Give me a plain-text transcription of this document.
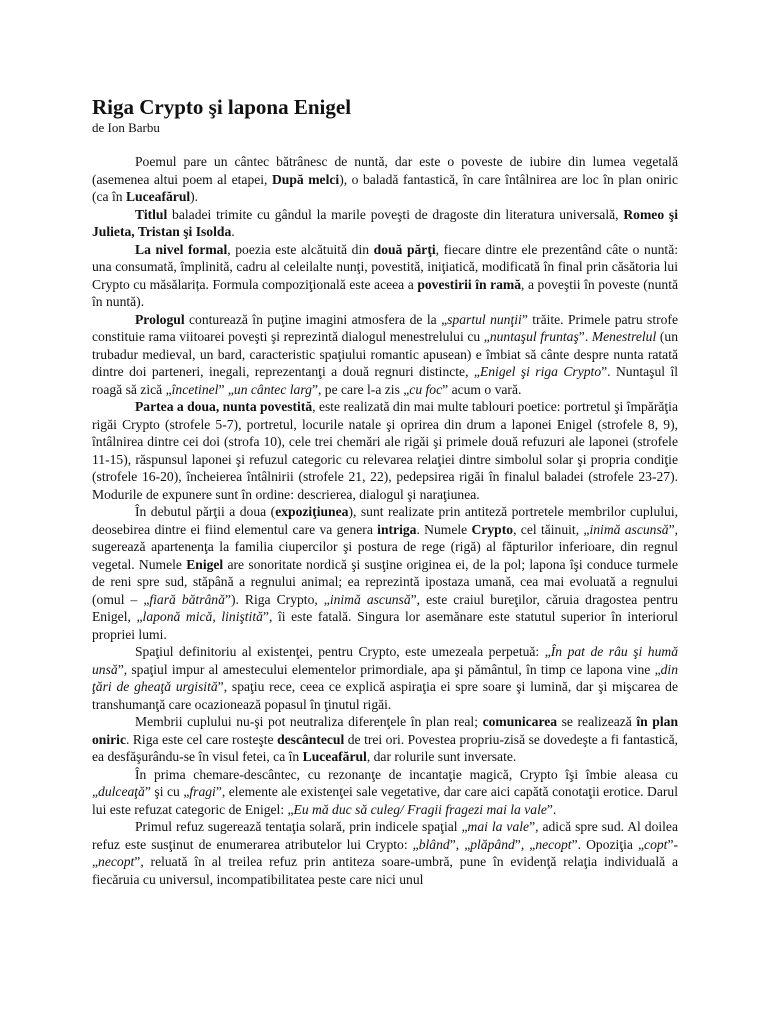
Riga Crypto şi lapona Enigel
de Ion Barbu

Poemul pare un cântec bătrânesc de nuntă, dar este o poveste de iubire din lumea vegetală (asemenea altui poem al etapei, După melci), o baladă fantastică, în care întâlnirea are loc în plan oniric (ca în Luceafărul).

Titlul baladei trimite cu gândul la marile poveşti de dragoste din literatura universală, Romeo şi Julieta, Tristan şi Isolda.

La nivel formal, poezia este alcătuită din două părţi, fiecare dintre ele prezentând câte o nuntă: una consumată, împlinită, cadru al celeilalte nunţi, povestită, iniţiatică, modificată în final prin căsătoria lui Crypto cu măsălarița. Formula compoziţională este aceea a povestirii în ramă, a poveştii în poveste (nuntă în nuntă).

Prologul conturează în puţine imagini atmosfera de la „spartul nunţii” trăite. Primele patru strofe constituie rama viitoarei poveşti şi reprezintă dialogul menestrelului cu „nuntaşul fruntaş”. Menestrelul (un trubadur medieval, un bard, caracteristic spaţiului romantic apusean) e îmbiat să cânte despre nunta ratată dintre doi parteneri, inegali, reprezentanţi a două regnuri distincte, „Enigel şi riga Crypto”. Nuntaşul îl roagă să zică „încetinel” „un cântec larg”, pe care l-a zis „cu foc” acum o vară.

Partea a doua, nunta povestită, este realizată din mai multe tablouri poetice: portretul şi împărăţia rigăi Crypto (strofele 5-7), portretul, locurile natale şi oprirea din drum a laponei Enigel (strofele 8, 9), întâlnirea dintre cei doi (strofa 10), cele trei chemări ale rigăi şi primele două refuzuri ale laponei (strofele 11-15), răspunsul laponei şi refuzul categoric cu relevarea relaţiei dintre simbolul solar şi propria condiţie (strofele 16-20), încheierea întâlnirii (strofele 21, 22), pedepsirea rigăi în finalul baladei (strofele 23-27). Modurile de expunere sunt în ordine: descrierea, dialogul şi naraţiunea.

În debutul părţii a doua (expoziţiunea), sunt realizate prin antiteză portretele membrilor cuplului, deosebirea dintre ei fiind elementul care va genera intriga. Numele Crypto, cel tăinuit, „inimă ascunsă”, sugerează apartenenţa la familia ciupercilor şi postura de rege (rigă) al făpturilor inferioare, din regnul vegetal. Numele Enigel are sonoritate nordică şi susţine originea ei, de la pol; lapona îşi conduce turmele de reni spre sud, stăpână a regnului animal; ea reprezintă ipostaza umană, cea mai evoluată a regnului (omul – „fiară bătrână”). Riga Crypto, „inimă ascunsă”, este craiul bureţilor, căruia dragostea pentru Enigel, „laponă mică, liniştită”, îi este fatală. Singura lor asemănare este statutul superior în interiorul propriei lumi.

Spaţiul definitoriu al existenţei, pentru Crypto, este umezeala perpetuă: „În pat de râu şi humă unsă”, spaţiul impur al amestecului elementelor primordiale, apa şi pământul, în timp ce lapona vine „din ţări de gheaţă urgisită”, spaţiu rece, ceea ce explică aspiraţia ei spre soare şi lumină, dar şi mişcarea de transhumanţă care ocazionează popasul în ţinutul rigăi.

Membrii cuplului nu-şi pot neutraliza diferenţele în plan real; comunicarea se realizează în plan oniric. Riga este cel care rosteşte descântecul de trei ori. Povestea propriu-zisă se dovedeşte a fi fantastică, ea desfăşurându-se în visul fetei, ca în Luceafărul, dar rolurile sunt inversate.

În prima chemare-descântec, cu rezonanţe de incantaţie magică, Crypto îşi îmbie aleasa cu „dulceaţă” şi cu „fragi”, elemente ale existenţei sale vegetative, dar care aici capătă conotaţii erotice. Darul lui este refuzat categoric de Enigel: „Eu mă duc să culeg/ Fragii fragezi mai la vale”.

Primul refuz sugerează tentaţia solară, prin indicele spaţial „mai la vale”, adică spre sud. Al doilea refuz este susţinut de enumerarea atributelor lui Crypto: „blând”, „plăpând”, „necopt”. Opoziţia „copt”-„necopt”, reluată în al treilea refuz prin antiteza soare-umbră, pune în evidenţă relaţia individuală a fiecăruia cu universul, incompatibilitatea peste care nici unul
